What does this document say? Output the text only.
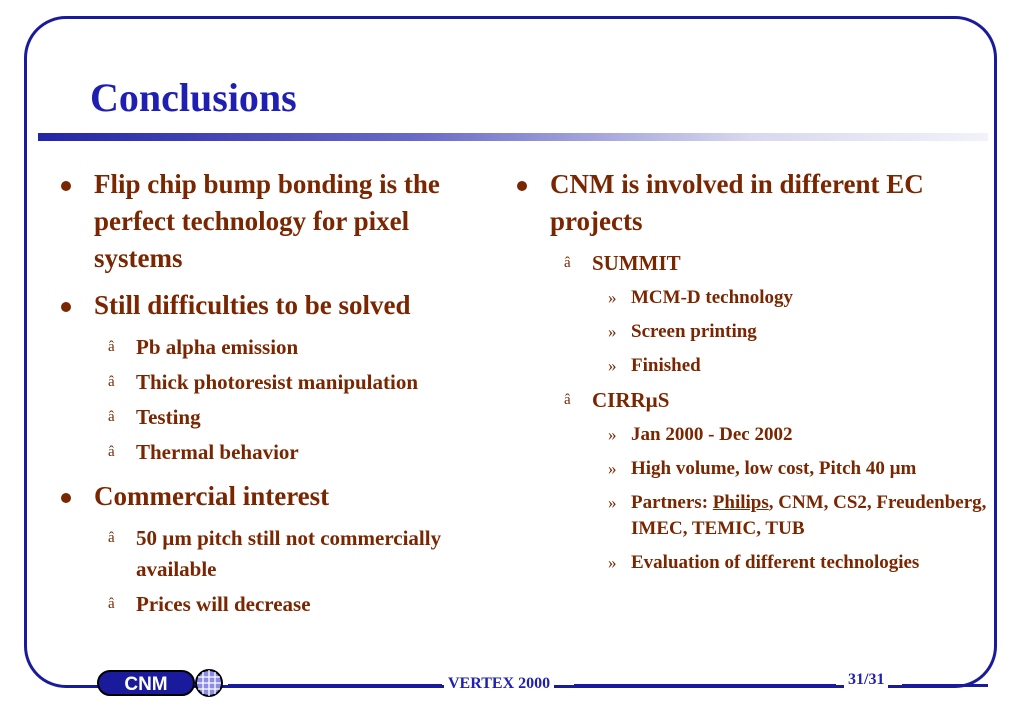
Conclusions
Flip chip bump bonding is the perfect technology for pixel systems
Still difficulties to be solved
â Pb alpha emission
â Thick photoresist manipulation
â Testing
â Thermal behavior
Commercial interest
â 50 µm pitch still not commercially available
â Prices will decrease
CNM is involved in different EC projects
â SUMMIT
» MCM-D technology
» Screen printing
» Finished
â CIRRµS
» Jan 2000 - Dec 2002
» High volume, low cost, Pitch 40 µm
» Partners: Philips, CNM, CS2, Freudenberg, IMEC, TEMIC, TUB
» Evaluation of different technologies
CNM	VERTEX 2000	31/31
